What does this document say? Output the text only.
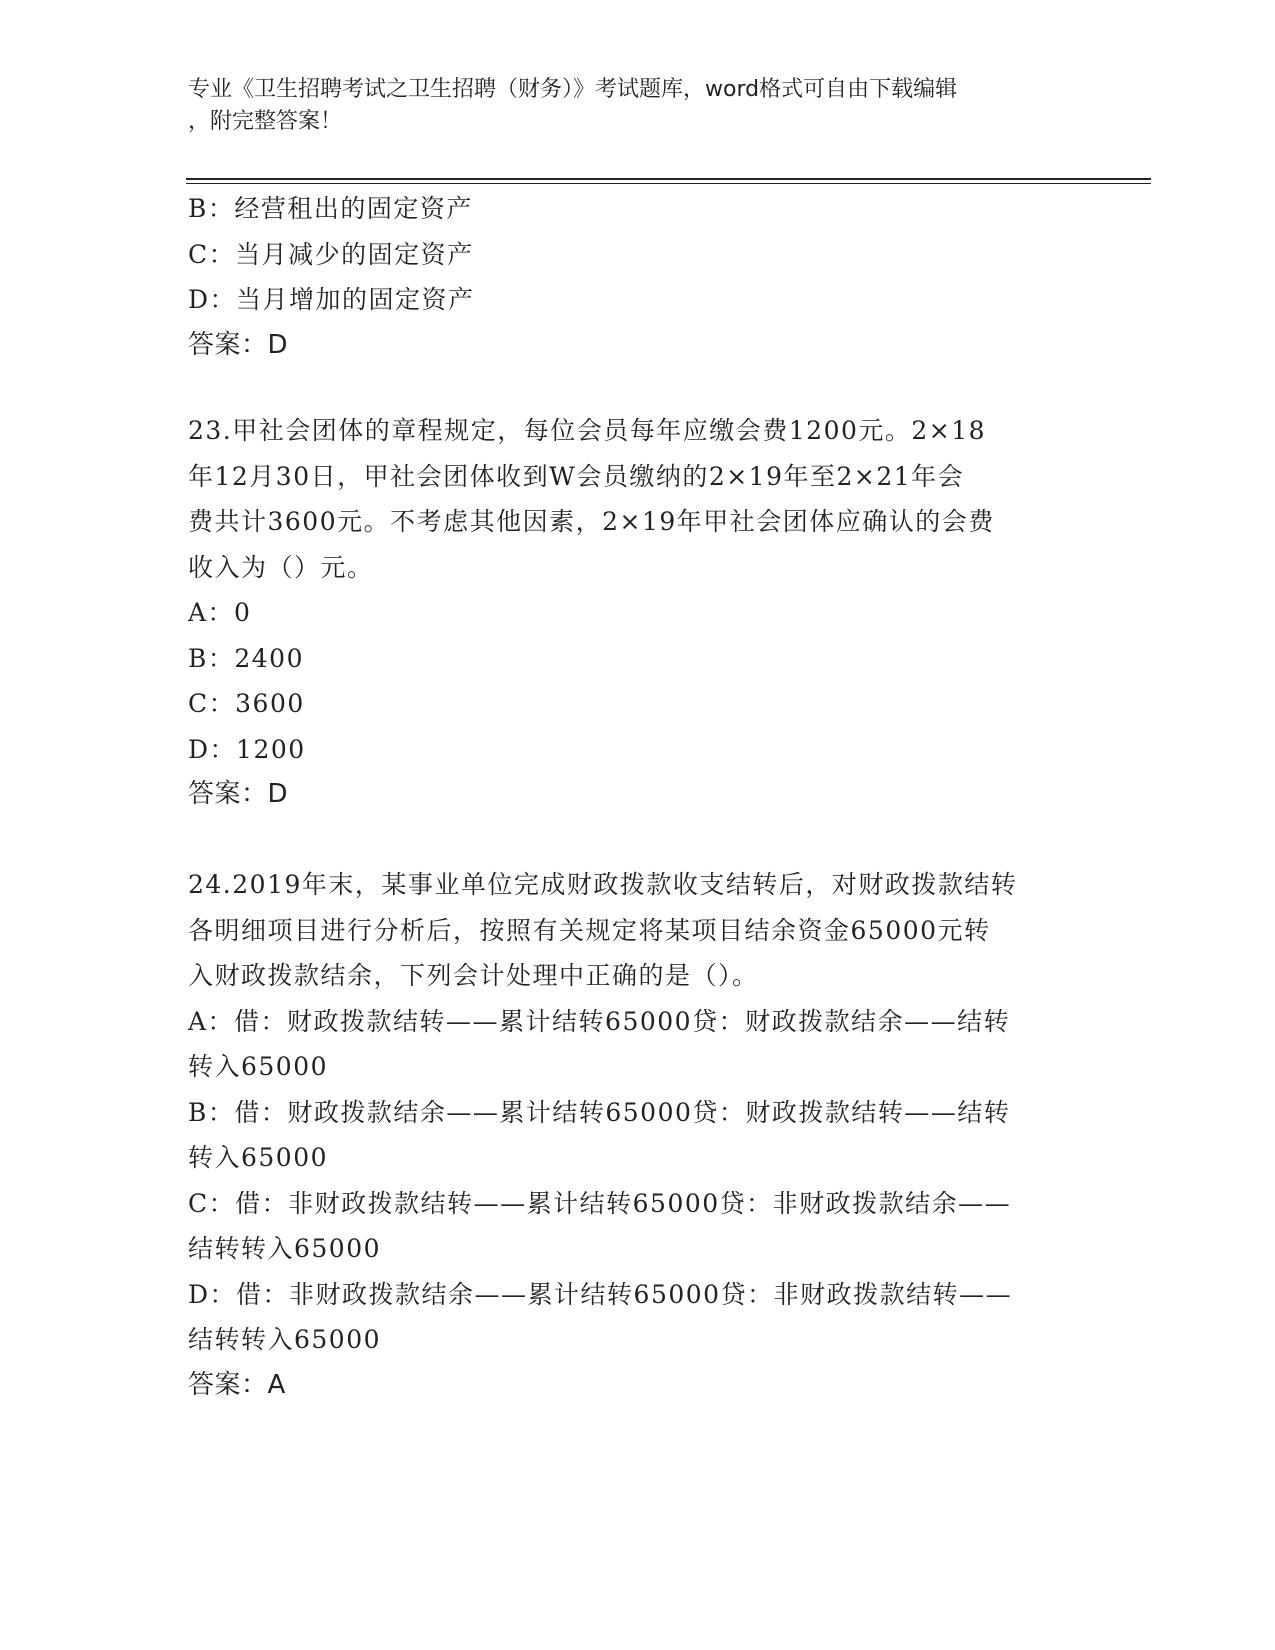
专业《卫生招聘考试之卫生招聘（财务）》考试题库，word格式可自由下载编辑
，附完整答案！
B：经营租出的固定资产
C：当月减少的固定资产
D：当月增加的固定资产
答案：D
23.甲社会团体的章程规定，每位会员每年应缴会费1200元。2×18
年12月30日，甲社会团体收到W会员缴纳的2×19年至2×21年会
费共计3600元。不考虑其他因素，2×19年甲社会团体应确认的会费
收入为（）元。
A：0
B：2400
C：3600
D：1200
答案：D
24.2019年末，某事业单位完成财政拨款收支结转后，对财政拨款结转
各明细项目进行分析后，按照有关规定将某项目结余资金65000元转
入财政拨款结余，下列会计处理中正确的是（）。
A：借：财政拨款结转——累计结转65000贷：财政拨款结余——结转
转入65000
B：借：财政拨款结余——累计结转65000贷：财政拨款结转——结转
转入65000
C：借：非财政拨款结转——累计结转65000贷：非财政拨款结余——
结转转入65000
D：借：非财政拨款结余——累计结转65000贷：非财政拨款结转——
结转转入65000
答案：A
